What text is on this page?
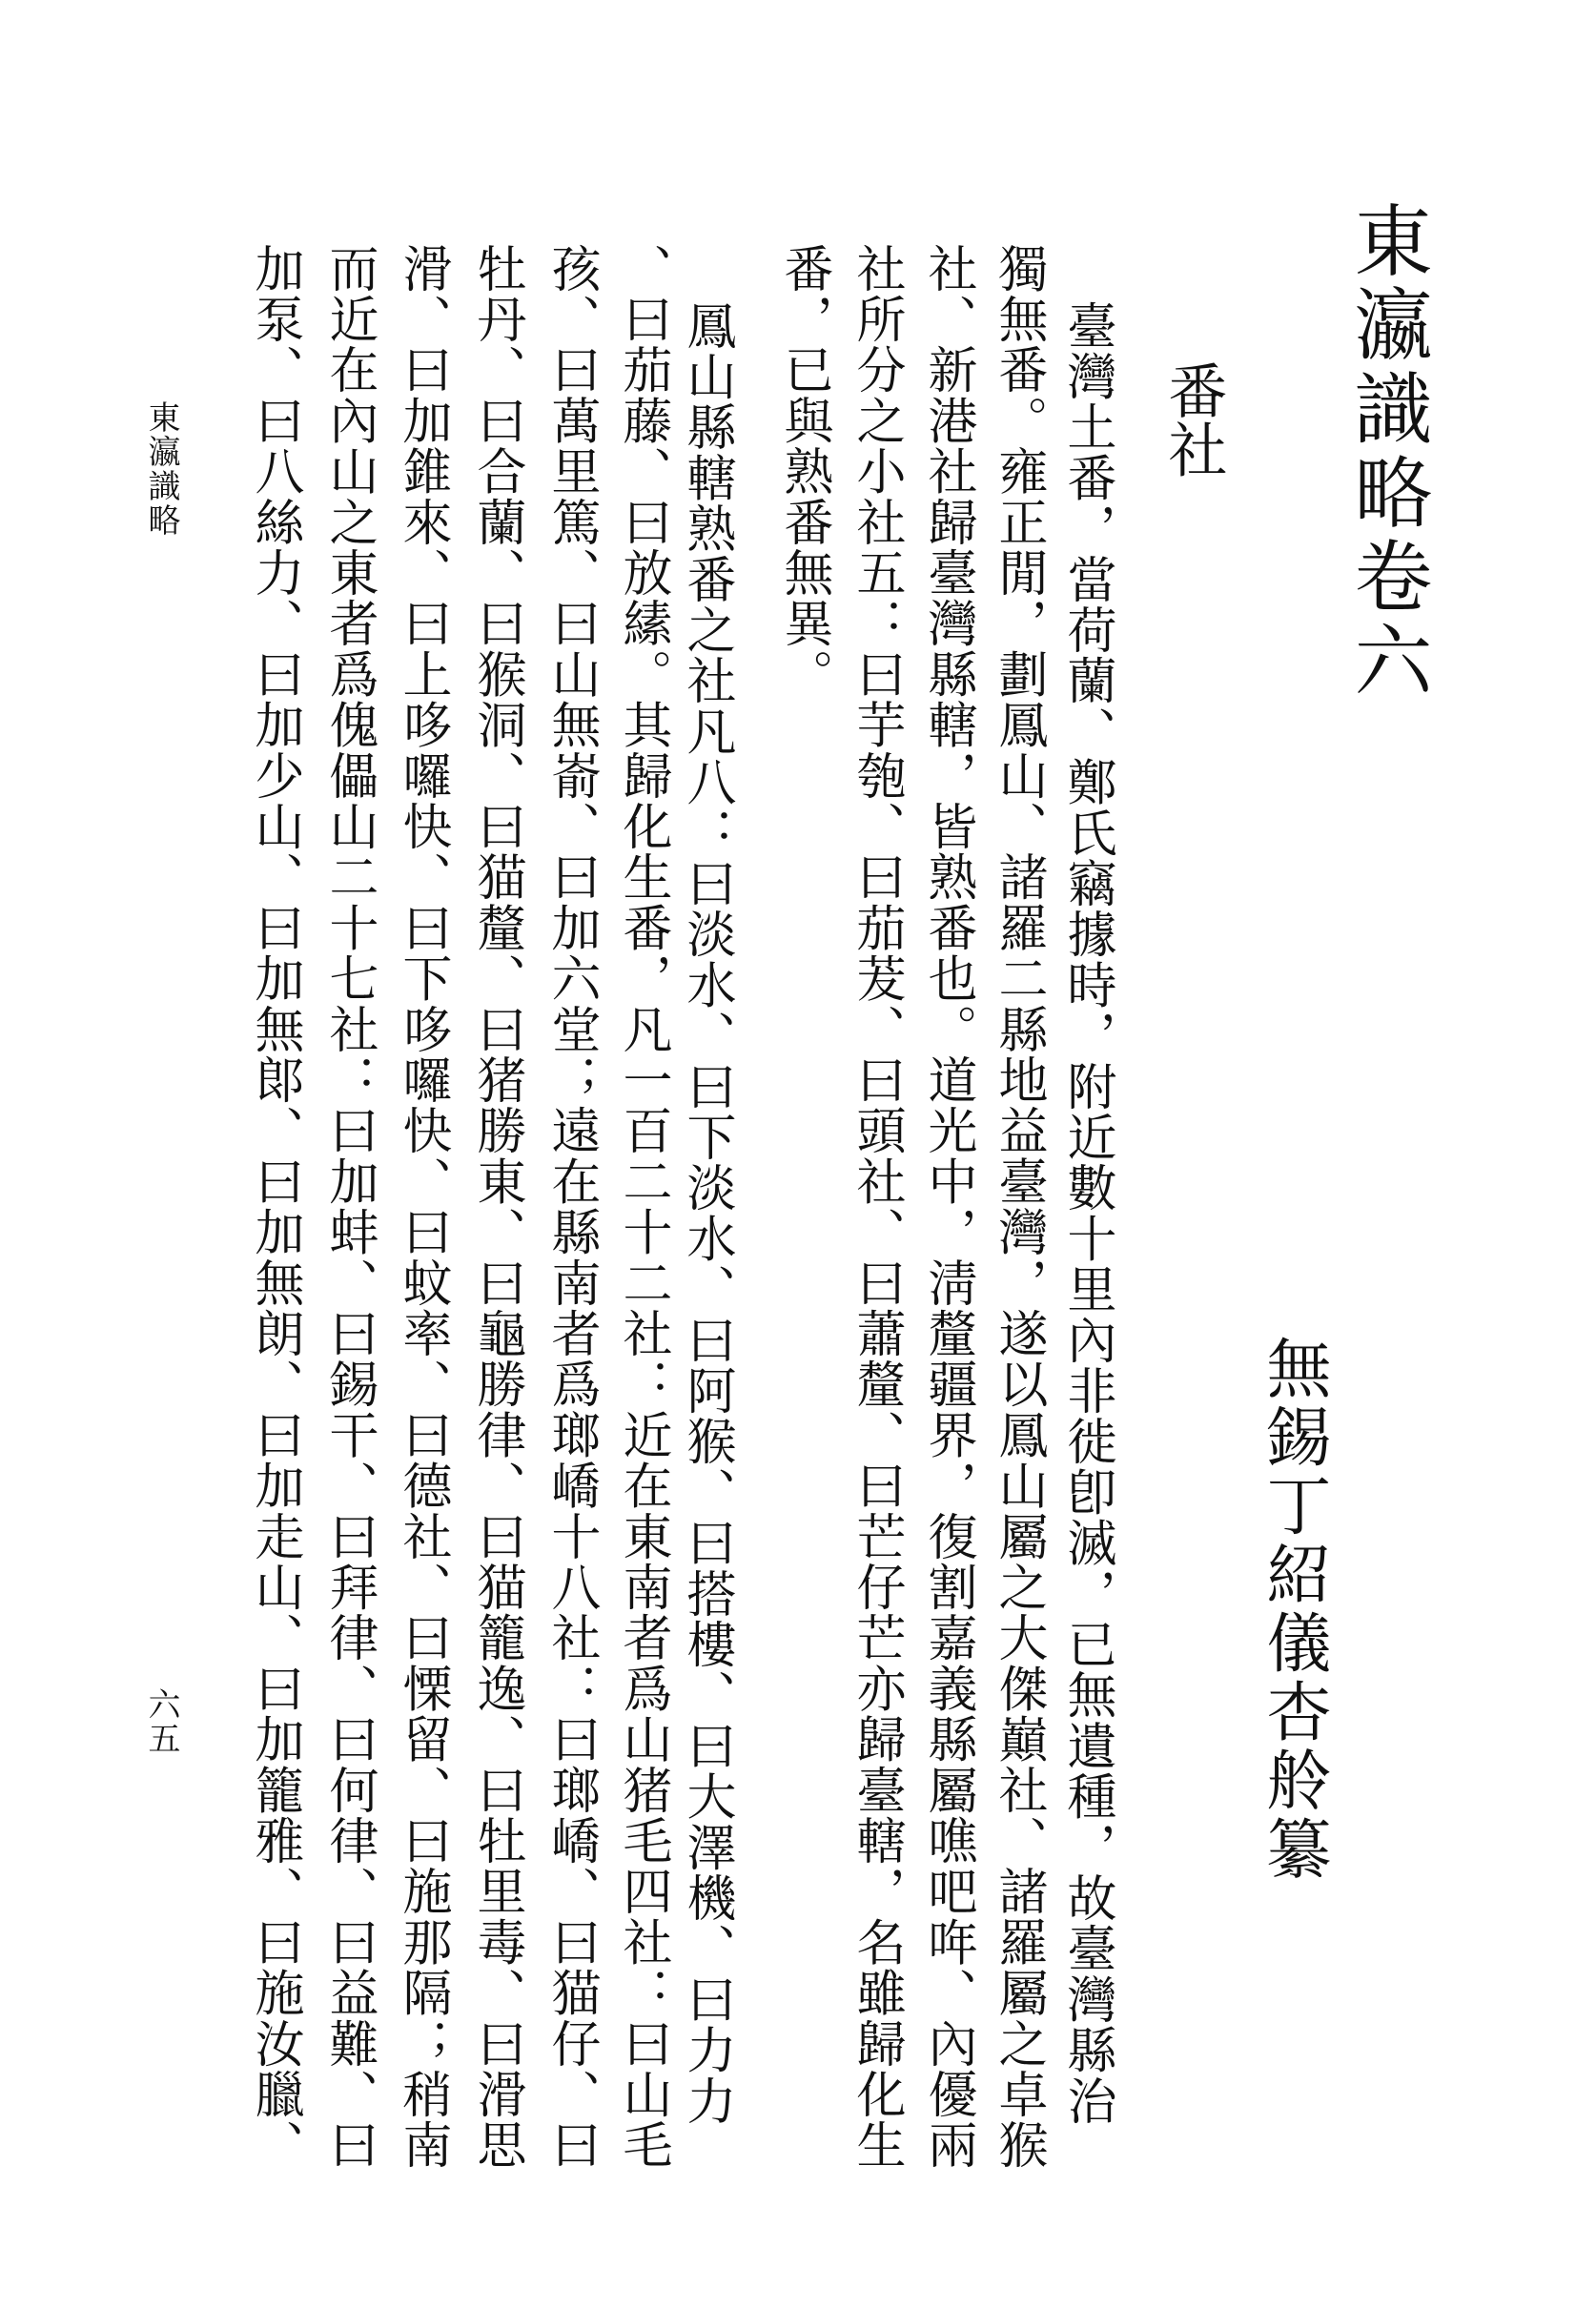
東瀛識略卷六
無錫丁紹儀杏舲纂
番社
臺灣土番，當荷蘭、鄭氏竊據時，附近數十里內非徙卽滅，已無遺種，故臺灣縣治
獨無番。雍正閒，劃鳳山、諸羅二縣地益臺灣，遂以鳳山屬之大傑巔社、諸羅屬之卓猴
社、新港社歸臺灣縣轄，皆熟番也。道光中，淸釐疆界，復割嘉義縣屬噍吧哖、內優兩
社所分之小社五：曰芋匏、曰茄茇、曰頭社、曰蕭釐、曰芒仔芒亦歸臺轄，名雖歸化生
番，已與熟番無異。
鳳山縣轄熟番之社凡八：曰淡水、曰下淡水、曰阿猴、曰搭樓、曰大澤機、曰力力
、曰茄藤、曰放縤。其歸化生番，凡一百二十二社：近在東南者爲山猪毛四社：曰山毛
孩、曰萬里篤、曰山無嵛、曰加六堂；遠在縣南者爲瑯嶠十八社：曰瑯嶠、曰猫仔、曰
牡丹、曰合蘭、曰猴洞、曰猫釐、曰猪勝東、曰龜勝律、曰猫籠逸、曰牡里毒、曰滑思
滑、曰加錐來、曰上哆囉快、曰下哆囉快、曰蚊率、曰德社、曰慄留、曰施那隔；稍南
而近在內山之東者爲傀儡山二十七社：曰加蚌、曰錫干、曰拜律、曰何律、曰益難、曰
加泵、曰八絲力、曰加少山、曰加無郞、曰加無朗、曰加走山、曰加籠雅、曰施汝臘、
東瀛識略
六五
